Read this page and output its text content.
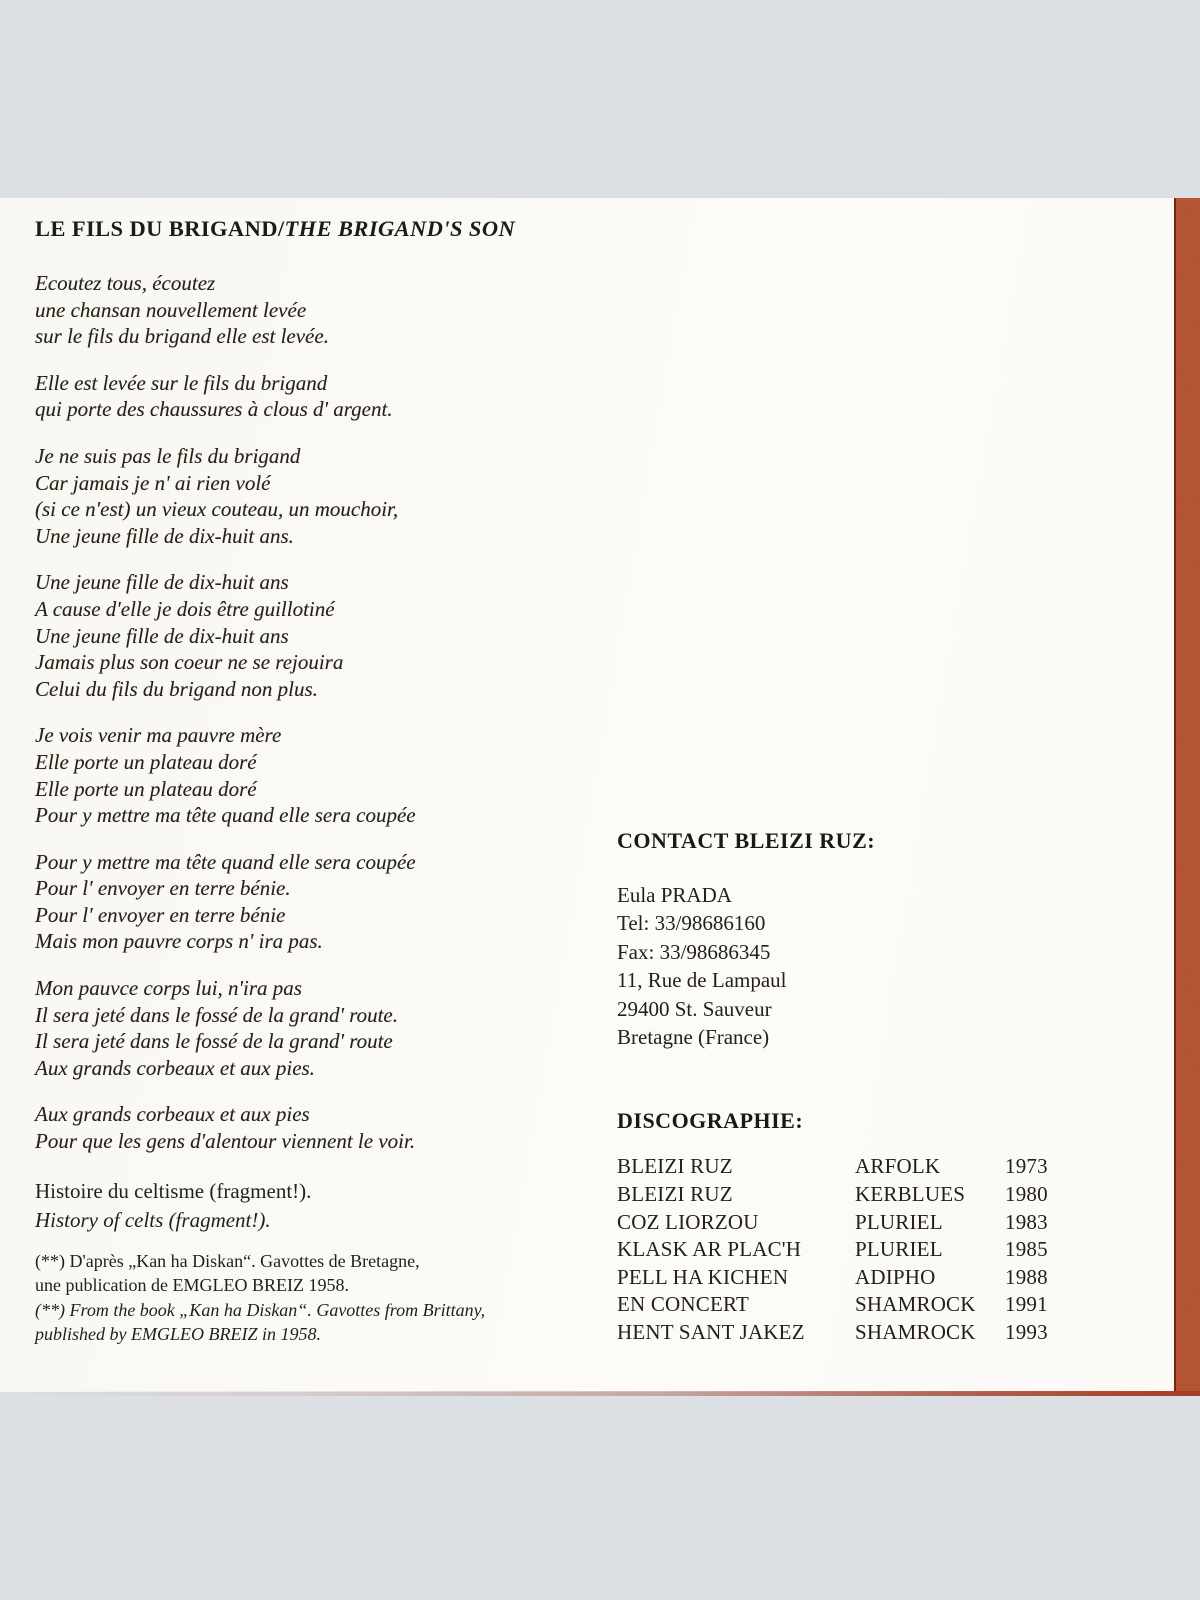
LE FILS DU BRIGAND/THE BRIGAND'S SON
Ecoutez tous, écoutez
une chansan nouvellement levée
sur le fils du brigand elle est levée.
Elle est levée sur le fils du brigand
qui porte des chaussures à clous d' argent.
Je ne suis pas le fils du brigand
Car jamais je n' ai rien volé
(si ce n'est) un vieux couteau, un mouchoir,
Une jeune fille de dix-huit ans.
Une jeune fille de dix-huit ans
A cause d'elle je dois être guillotiné
Une jeune fille de dix-huit ans
Jamais plus son coeur ne se rejouira
Celui du fils du brigand non plus.
Je vois venir ma pauvre mère
Elle porte un plateau doré
Elle porte un plateau doré
Pour y mettre ma tête quand elle sera coupée
Pour y mettre ma tête quand elle sera coupée
Pour l' envoyer en terre bénie.
Pour l' envoyer en terre bénie
Mais mon pauvre corps n' ira pas.
Mon pauvce corps lui, n'ira pas
Il sera jeté dans le fossé de la grand' route.
Il sera jeté dans le fossé de la grand' route
Aux grands corbeaux et aux pies.
Aux grands corbeaux et aux pies
Pour que les gens d'alentour viennent le voir.
Histoire du celtisme (fragment!).
History of celts (fragment!).
(**) D'après „Kan ha Diskan“. Gavottes de Bretagne,
une publication de EMGLEO BREIZ 1958.
(**) From the book „Kan ha Diskan“. Gavottes from Brittany,
published by EMGLEO BREIZ in 1958.
CONTACT BLEIZI RUZ:
Eula PRADA
Tel: 33/98686160
Fax: 33/98686345
11, Rue de Lampaul
29400 St. Sauveur
Bretagne (France)
DISCOGRAPHIE:
BLEIZI RUZ	ARFOLK	1973
BLEIZI RUZ	KERBLUES	1980
COZ LIORZOU	PLURIEL	1983
KLASK AR PLAC'H	PLURIEL	1985
PELL HA KICHEN	ADIPHO	1988
EN CONCERT	SHAMROCK	1991
HENT SANT JAKEZ	SHAMROCK	1993
